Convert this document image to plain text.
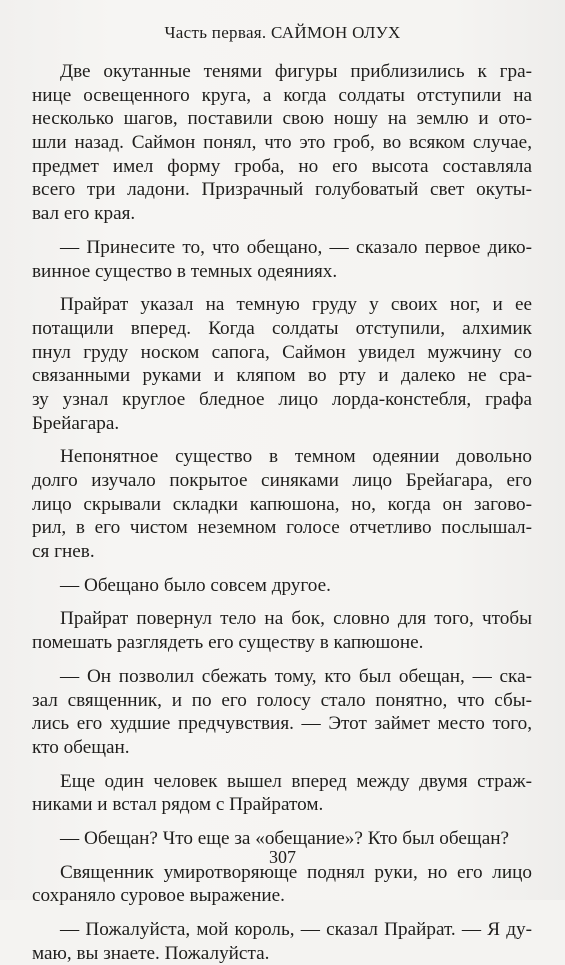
Часть первая. САЙМОН ОЛУХ
Две окутанные тенями фигуры приблизились к гра-
нице освещенного круга, а когда солдаты отступили на
несколько шагов, поставили свою ношу на землю и ото-
шли назад. Саймон понял, что это гроб, во всяком случае,
предмет имел форму гроба, но его высота составляла
всего три ладони. Призрачный голубоватый свет окуты-
вал его края.
— Принесите то, что обещано, — сказало первое дико-
винное существо в темных одеяниях.
Прайрат указал на темную груду у своих ног, и ее
потащили вперед. Когда солдаты отступили, алхимик
пнул груду носком сапога, Саймон увидел мужчину со
связанными руками и кляпом во рту и далеко не сра-
зу узнал круглое бледное лицо лорда-констебля, графа
Брейагара.
Непонятное существо в темном одеянии довольно
долго изучало покрытое синяками лицо Брейагара, его
лицо скрывали складки капюшона, но, когда он загово-
рил, в его чистом неземном голосе отчетливо послышал-
ся гнев.
— Обещано было совсем другое.
Прайрат повернул тело на бок, словно для того, чтобы
помешать разглядеть его существу в капюшоне.
— Он позволил сбежать тому, кто был обещан, — ска-
зал священник, и по его голосу стало понятно, что сбы-
лись его худшие предчувствия. — Этот займет место того,
кто обещан.
Еще один человек вышел вперед между двумя страж-
никами и встал рядом с Прайратом.
— Обещан? Что еще за «обещание»? Кто был обещан?
Священник умиротворяюще поднял руки, но его лицо
сохраняло суровое выражение.
— Пожалуйста, мой король, — сказал Прайрат. — Я ду-
маю, вы знаете. Пожалуйста.
307
